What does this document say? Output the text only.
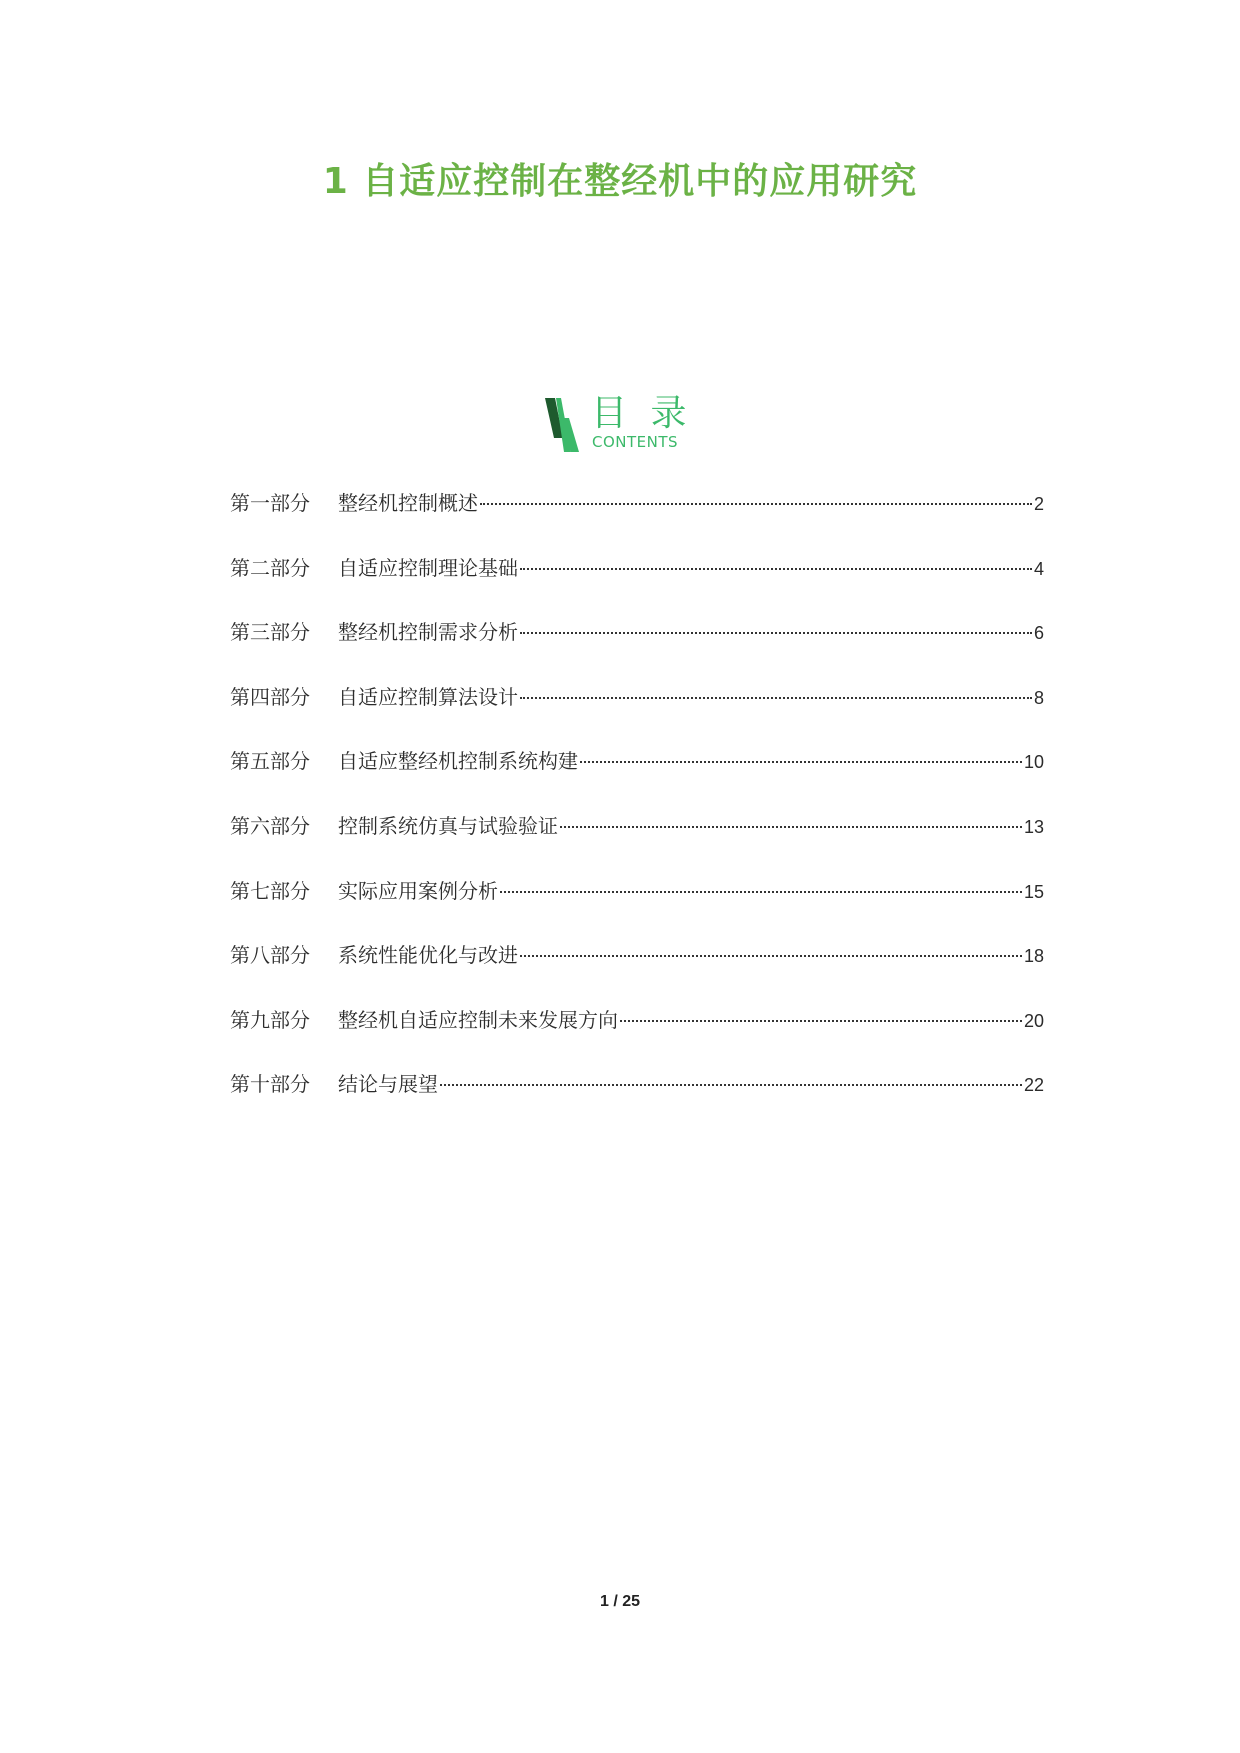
1 自适应控制在整经机中的应用研究
目 录
CONTENTS
第一部分	整经机控制概述	2
第二部分	自适应控制理论基础	4
第三部分	整经机控制需求分析	6
第四部分	自适应控制算法设计	8
第五部分	自适应整经机控制系统构建	10
第六部分	控制系统仿真与试验验证	13
第七部分	实际应用案例分析	15
第八部分	系统性能优化与改进	18
第九部分	整经机自适应控制未来发展方向	20
第十部分	结论与展望	22
1 / 25
